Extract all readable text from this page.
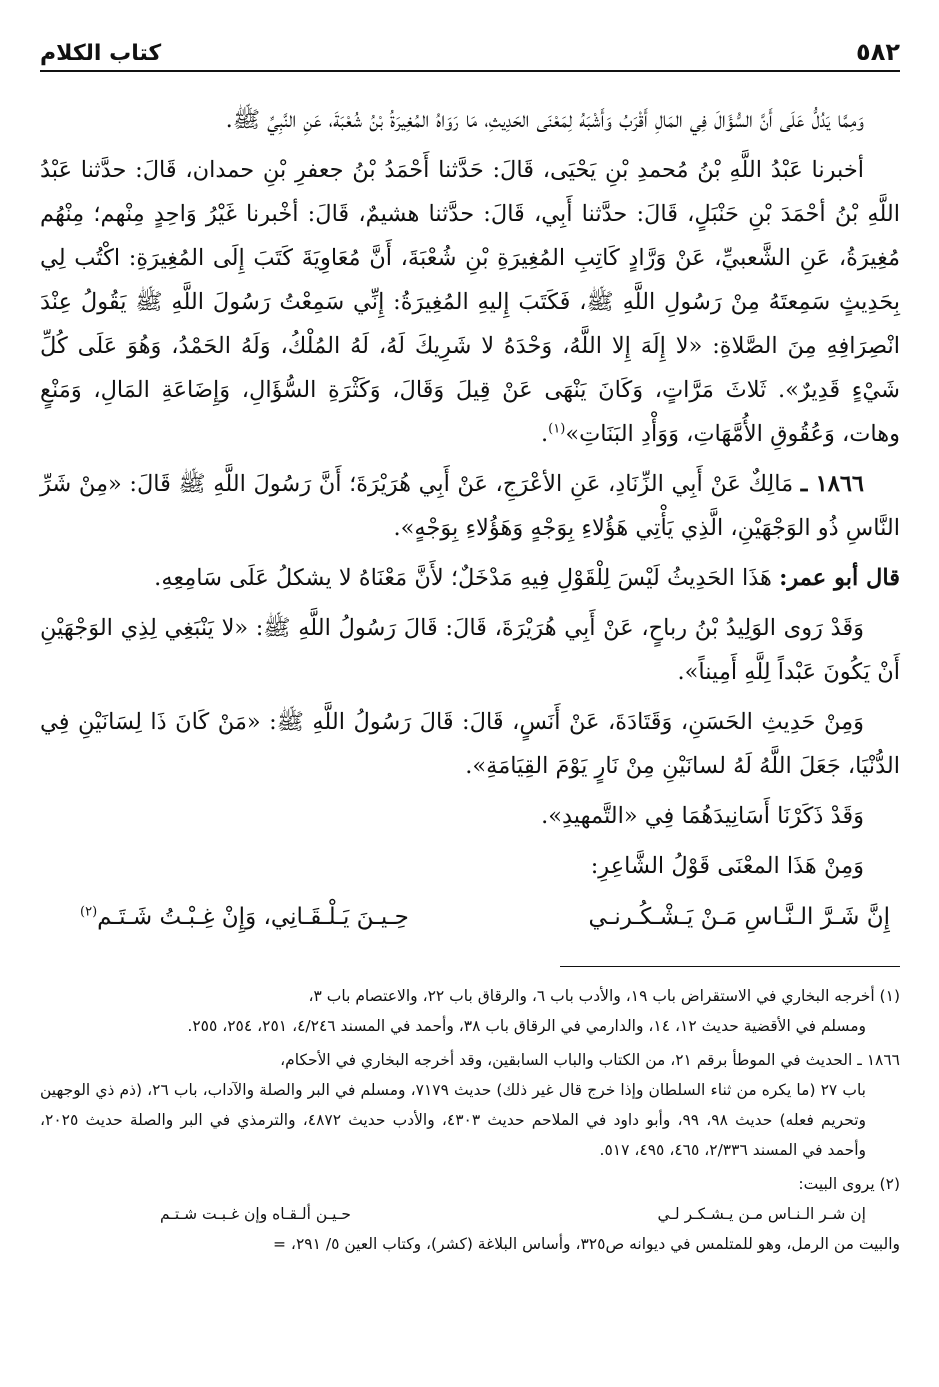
٥٨٢
كتاب الكلام

وَمِمَّا يَدُلُّ عَلَى أَنَّ السُّؤَالَ فِي المَالِ أَقْرَبُ وَأَشْبَهُ لِمَعْنَى الحَدِيثِ، مَا رَوَاهُ المُغِيرَةُ بْنُ شُعْبَةَ، عَنِ النَّبِيِّ ﷺ.

أخبرنا عَبْدُ اللَّهِ بْنُ مُحمدِ بْنِ يَحْيَى، قَالَ: حَدَّثنا أَحْمَدُ بْنُ جعفرِ بْنِ حمدان، قَالَ: حدَّثنا عَبْدُ اللَّهِ بْنُ أحْمَدَ بْنِ حَنْبَلٍ، قَالَ: حدَّثنا أَبِي، قَالَ: حدَّثنا هشيمٌ، قَالَ: أخْبرنا غَيْرُ وَاحِدٍ مِنْهم؛ مِنْهُم مُغِيرَةُ، عَنِ الشَّعبيِّ، عَنْ وَرَّادٍ كَاتِبِ المُغِيرَةِ بْنِ شُعْبَةَ، أَنَّ مُعَاوِيَةَ كَتَبَ إِلَى المُغِيرَةِ: اكْتُب لِي بِحَدِيثٍ سَمِعتَهُ مِنْ رَسُولِ اللَّهِ ﷺ، فَكَتَبَ إِليهِ المُغِيرَةُ: إِنِّي سَمِعْتُ رَسُولَ اللَّهِ ﷺ يَقُولُ عِنْدَ انْصِرَافِهِ مِنَ الصَّلاةِ: «لا إِلَهَ إِلا اللَّهُ، وَحْدَهُ لا شَرِيكَ لَهُ، لَهُ المُلْكُ، وَلَهُ الحَمْدُ، وَهُوَ عَلَى كُلِّ شَيْءٍ قَدِيرٌ». ثَلاثَ مَرَّاتٍ، وَكَانَ يَنْهَى عَنْ قِيلَ وَقَالَ، وَكَثْرَةِ السُّؤَالِ، وَإِضَاعَةِ المَالِ، وَمَنْعٍ وهات، وَعُقُوقِ الأُمَّهَاتِ، وَوَأْدِ البَنَاتِ»$^{(١)}$.

١٨٦٦ ـ مَالِكٌ عَنْ أَبِي الزِّنَادِ، عَنِ الأعْرَجِ، عَنْ أَبِي هُرَيْرَةَ؛ أَنَّ رَسُولَ اللَّهِ ﷺ قَالَ: «مِنْ شَرِّ النَّاسِ ذُو الوَجْهَيْنِ، الَّذِي يَأْتِي هَؤُلاءِ بِوَجْهٍ وَهَؤُلاءِ بِوَجْهٍ».

قال أبو عمر: هَذَا الحَدِيثُ لَيْسَ لِلْقَوْلِ فِيهِ مَدْخَلٌ؛ لأَنَّ مَعْنَاهُ لا يشكلُ عَلَى سَامِعِهِ.

وَقَدْ رَوى الوَلِيدُ بْنُ رباحٍ، عَنْ أَبِي هُرَيْرَةَ، قَالَ: قَالَ رَسُولُ اللَّهِ ﷺ: «لا يَنْبَغِي لِذِي الوَجْهَيْنِ أَنْ يَكُونَ عَبْداً لِلَّهِ أَمِيناً».

وَمِنْ حَدِيثِ الحَسَنِ، وَقَتَادَةَ، عَنْ أَنَسٍ، قَالَ: قَالَ رَسُولُ اللَّهِ ﷺ: «مَنْ كَانَ ذَا لِسَانَيْنِ فِي الدُّنْيَا، جَعَلَ اللَّهُ لَهُ لسانَيْنِ مِنْ نَارٍ يَوْمَ القِيَامَةِ».

وَقَدْ ذَكَرْنَا أَسَانِيدَهُمَا فِي «التَّمهيدِ».

وَمِنْ هَذَا المعْنَى قَوْلُ الشَّاعِرِ:

إِنَّ شَـرَّ الـنَّـاسِ مَـنْ يَـشْـكُـرنـي
حِـيـنَ يَـلْـقَـانِي، وَإِنْ غِـبْـتُ شَـتَـم$^{(٢)}$
(١) أخرجه البخاري في الاستقراض باب ١٩، والأدب باب ٦، والرقاق باب ٢٢، والاعتصام باب ٣،
ومسلم في الأقضية حديث ١٢، ١٤، والدارمي في الرقاق باب ٣٨، وأحمد في المسند ٤/٢٤٦، ٢٥١، ٢٥٤، ٢٥٥.
١٨٦٦ ـ الحديث في الموطأ برقم ٢١، من الكتاب والباب السابقين، وقد أخرجه البخاري في الأحكام،
باب ٢٧ (ما يكره من ثناء السلطان وإذا خرج قال غير ذلك) حديث ٧١٧٩، ومسلم في البر والصلة والآداب، باب ٢٦، (ذم ذي الوجهين وتحريم فعله) حديث ٩٨، ٩٩، وأبو داود في الملاحم حديث ٤٣٠٣، والأدب حديث ٤٨٧٢، والترمذي في البر والصلة حديث ٢٠٢٥، وأحمد في المسند ٢/٣٣٦، ٤٦٥، ٤٩٥، ٥١٧.
(٢) يروى البيت:
إن شـر الـنـاس مـن يـشـكـر لـي
حـيـن ألـقـاه وإن غـبـت شـتـم
والبيت من الرمل، وهو للمتلمس في ديوانه ص٣٢٥، وأساس البلاغة (كشر)، وكتاب العين ٥/ ٢٩١، =
